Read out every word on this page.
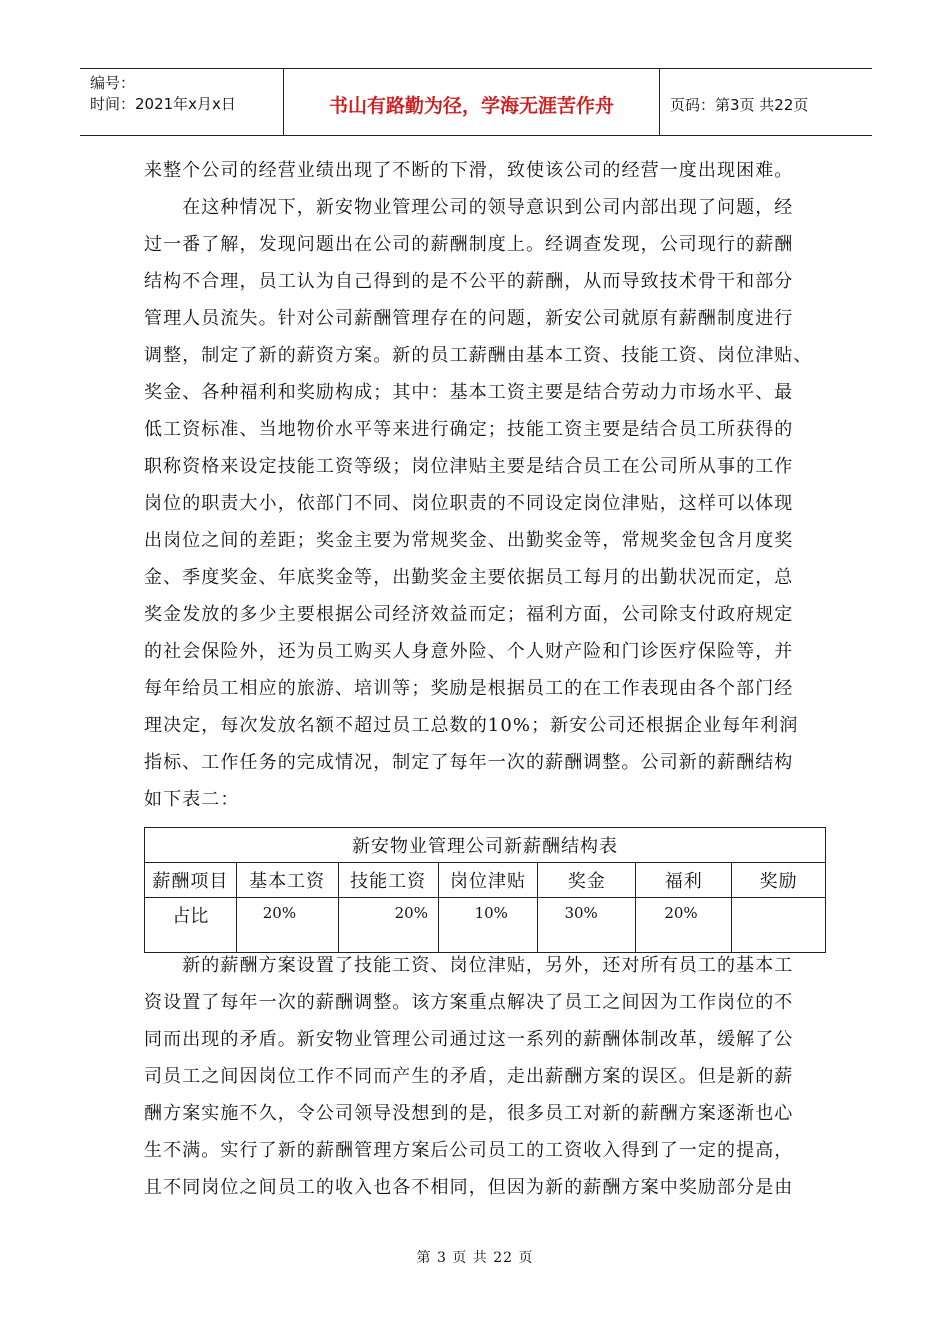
编号：
时间：2021年x月x日	书山有路勤为径，学海无涯苦作舟	页码：第3页 共22页
来整个公司的经营业绩出现了不断的下滑，致使该公司的经营一度出现困难。
　　在这种情况下，新安物业管理公司的领导意识到公司内部出现了问题，经
过一番了解，发现问题出在公司的薪酬制度上。经调查发现，公司现行的薪酬
结构不合理，员工认为自己得到的是不公平的薪酬，从而导致技术骨干和部分
管理人员流失。针对公司薪酬管理存在的问题，新安公司就原有薪酬制度进行
调整，制定了新的薪资方案。新的员工薪酬由基本工资、技能工资、岗位津贴、
奖金、各种福利和奖励构成；其中：基本工资主要是结合劳动力市场水平、最
低工资标准、当地物价水平等来进行确定；技能工资主要是结合员工所获得的
职称资格来设定技能工资等级；岗位津贴主要是结合员工在公司所从事的工作
岗位的职责大小，依部门不同、岗位职责的不同设定岗位津贴，这样可以体现
出岗位之间的差距；奖金主要为常规奖金、出勤奖金等，常规奖金包含月度奖
金、季度奖金、年底奖金等，出勤奖金主要依据员工每月的出勤状况而定，总
奖金发放的多少主要根据公司经济效益而定；福利方面，公司除支付政府规定
的社会保险外，还为员工购买人身意外险、个人财产险和门诊医疗保险等，并
每年给员工相应的旅游、培训等；奖励是根据员工的在工作表现由各个部门经
理决定，每次发放名额不超过员工总数的10%；新安公司还根据企业每年利润
指标、工作任务的完成情况，制定了每年一次的薪酬调整。公司新的薪酬结构
如下表二：
新安物业管理公司新薪酬结构表						
薪酬项目	基本工资	技能工资	岗位津贴	奖金	福利	奖励
占比	20%	20%	10%	30%	20%	
　　新的薪酬方案设置了技能工资、岗位津贴，另外，还对所有员工的基本工
资设置了每年一次的薪酬调整。该方案重点解决了员工之间因为工作岗位的不
同而出现的矛盾。新安物业管理公司通过这一系列的薪酬体制改革，缓解了公
司员工之间因岗位工作不同而产生的矛盾，走出薪酬方案的误区。但是新的薪
酬方案实施不久，令公司领导没想到的是，很多员工对新的薪酬方案逐渐也心
生不满。实行了新的薪酬管理方案后公司员工的工资收入得到了一定的提高，
且不同岗位之间员工的收入也各不相同，但因为新的薪酬方案中奖励部分是由
第 3 页 共 22 页
